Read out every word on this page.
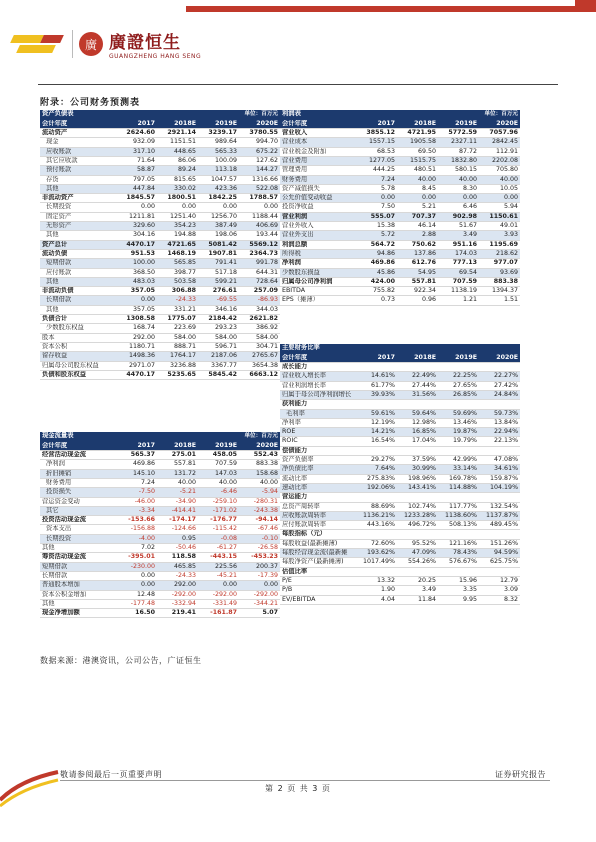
廣 廣證恒生
GUANGZHENG HANG SENG
附录：公司财务预测表
资产负债表			单位：百万元	
会计年度	2017	2018E	2019E	2020E
流动资产	2624.60	2921.14	3239.17	3780.55
现金	932.09	1151.51	989.64	994.70
应收账款	317.10	448.65	565.33	675.22
其它应收款	71.64	86.06	100.09	127.62
预付账款	58.87	89.24	113.18	144.27
存货	797.05	815.65	1047.57	1316.66
其他	447.84	330.02	423.36	522.08
非流动资产	1845.57	1800.51	1842.25	1788.57
长期投资	0.00	0.00	0.00	0.00
固定资产	1211.81	1251.40	1256.70	1188.44
无形资产	329.60	354.23	387.49	406.69
其他	304.16	194.88	198.06	193.44
资产总计	4470.17	4721.65	5081.42	5569.12
流动负债	951.53	1468.19	1907.81	2364.73
短期借款	100.00	565.85	791.41	991.78
应付账款	368.50	398.77	517.18	644.31
其他	483.03	503.58	599.21	728.64
非流动负债	357.05	306.88	276.61	257.09
长期借款	0.00	-24.33	-69.55	-86.93
其他	357.05	331.21	346.16	344.03
负债合计	1308.58	1775.07	2184.42	2621.82
少数股东权益	168.74	223.69	293.23	386.92
股本	292.00	584.00	584.00	584.00
资本公积	1180.71	888.71	596.71	304.71
留存收益	1498.36	1764.17	2187.06	2765.67
归属母公司股东权益	2971.07	3236.88	3367.77	3654.38
负债和股东权益	4470.17	5235.65	5845.42	6663.12
利润表			单位：百万元	
会计年度	2017	2018E	2019E	2020E
营业收入	3855.12	4721.95	5772.59	7057.96
营业成本	1557.15	1905.58	2327.11	2842.45
营业税金及附加	68.53	69.50	87.72	112.91
营业费用	1277.05	1515.75	1832.80	2202.08
管理费用	444.25	480.51	580.15	705.80
财务费用	7.24	40.00	40.00	40.00
资产减值损失	5.78	8.45	8.30	10.05
公允价值变动收益	0.00	0.00	0.00	0.00
投资净收益	7.50	5.21	6.46	5.94
营业利润	555.07	707.37	902.98	1150.61
营业外收入	15.38	46.14	51.67	49.01
营业外支出	5.72	2.88	3.49	3.93
利润总额	564.72	750.62	951.16	1195.69
所得税	94.86	137.86	174.03	218.62
净利润	469.86	612.76	777.13	977.07
少数股东损益	45.86	54.95	69.54	93.69
归属母公司净利润	424.00	557.81	707.59	883.38
EBITDA	755.82	922.34	1138.19	1394.37
EPS（摊薄）	0.73	0.96	1.21	1.51
现金流量表			单位：百万元	
会计年度	2017	2018E	2019E	2020E
经营活动现金流	565.37	275.01	458.05	552.43
净利润	469.86	557.81	707.59	883.38
折旧摊销	145.10	131.72	147.03	158.68
财务费用	7.24	40.00	40.00	40.00
投资损失	-7.50	-5.21	-6.46	-5.94
营运资金变动	-46.00	-34.90	-259.10	-280.31
其它	-3.34	-414.41	-171.02	-243.38
投资活动现金流	-153.66	-174.17	-176.77	-94.14
资本支出	-156.88	-124.66	-115.42	-67.46
长期投资	-4.00	0.95	-0.08	-0.10
其他	7.02	-50.46	-61.27	-26.58
筹资活动现金流	-395.01	118.58	-443.15	-453.23
短期借款	-230.00	465.85	225.56	200.37
长期借款	0.00	-24.33	-45.21	-17.39
普通股本增加	0.00	292.00	0.00	0.00
资本公积金增加	12.48	-292.00	-292.00	-292.00
其他	-177.48	-332.94	-331.49	-344.21
现金净增加额	16.50	219.41	-161.87	5.07
主要财务比率				
会计年度	2017	2018E	2019E	2020E
成长能力				
营业收入增长率	14.61%	22.49%	22.25%	22.27%
营业利润增长率	61.77%	27.44%	27.65%	27.42%
归属于母公司净利润增长	39.93%	31.56%	26.85%	24.84%
获利能力				
毛利率	59.61%	59.64%	59.69%	59.73%
净利率	12.19%	12.98%	13.46%	13.84%
ROE	14.21%	16.85%	19.87%	22.94%
ROIC	16.54%	17.04%	19.79%	22.13%
偿债能力				
资产负债率	29.27%	37.59%	42.99%	47.08%
净负债比率	7.64%	30.99%	33.14%	34.61%
流动比率	275.83%	198.96%	169.78%	159.87%
速动比率	192.06%	143.41%	114.88%	104.19%
营运能力				
总资产周转率	88.69%	102.74%	117.77%	132.54%
应收账款周转率	1136.21%	1233.28%	1138.60%	1137.87%
应付账款周转率	443.16%	496.72%	508.13%	489.45%
每股指标（元）				
每股收益(最新摊薄)	72.60%	95.52%	121.16%	151.26%
每股经营现金流(最新摊	193.62%	47.09%	78.43%	94.59%
每股净资产(最新摊薄)	1017.49%	554.26%	576.67%	625.75%
估值比率				
P/E	13.32	20.25	15.96	12.79
P/B	1.90	3.49	3.35	3.09
EV/EBITDA	4.04	11.84	9.95	8.32
数据来源：港澳资讯，公司公告，广证恒生
敬请参阅最后一页重要声明	证券研究报告
第 2 页 共 3 页
